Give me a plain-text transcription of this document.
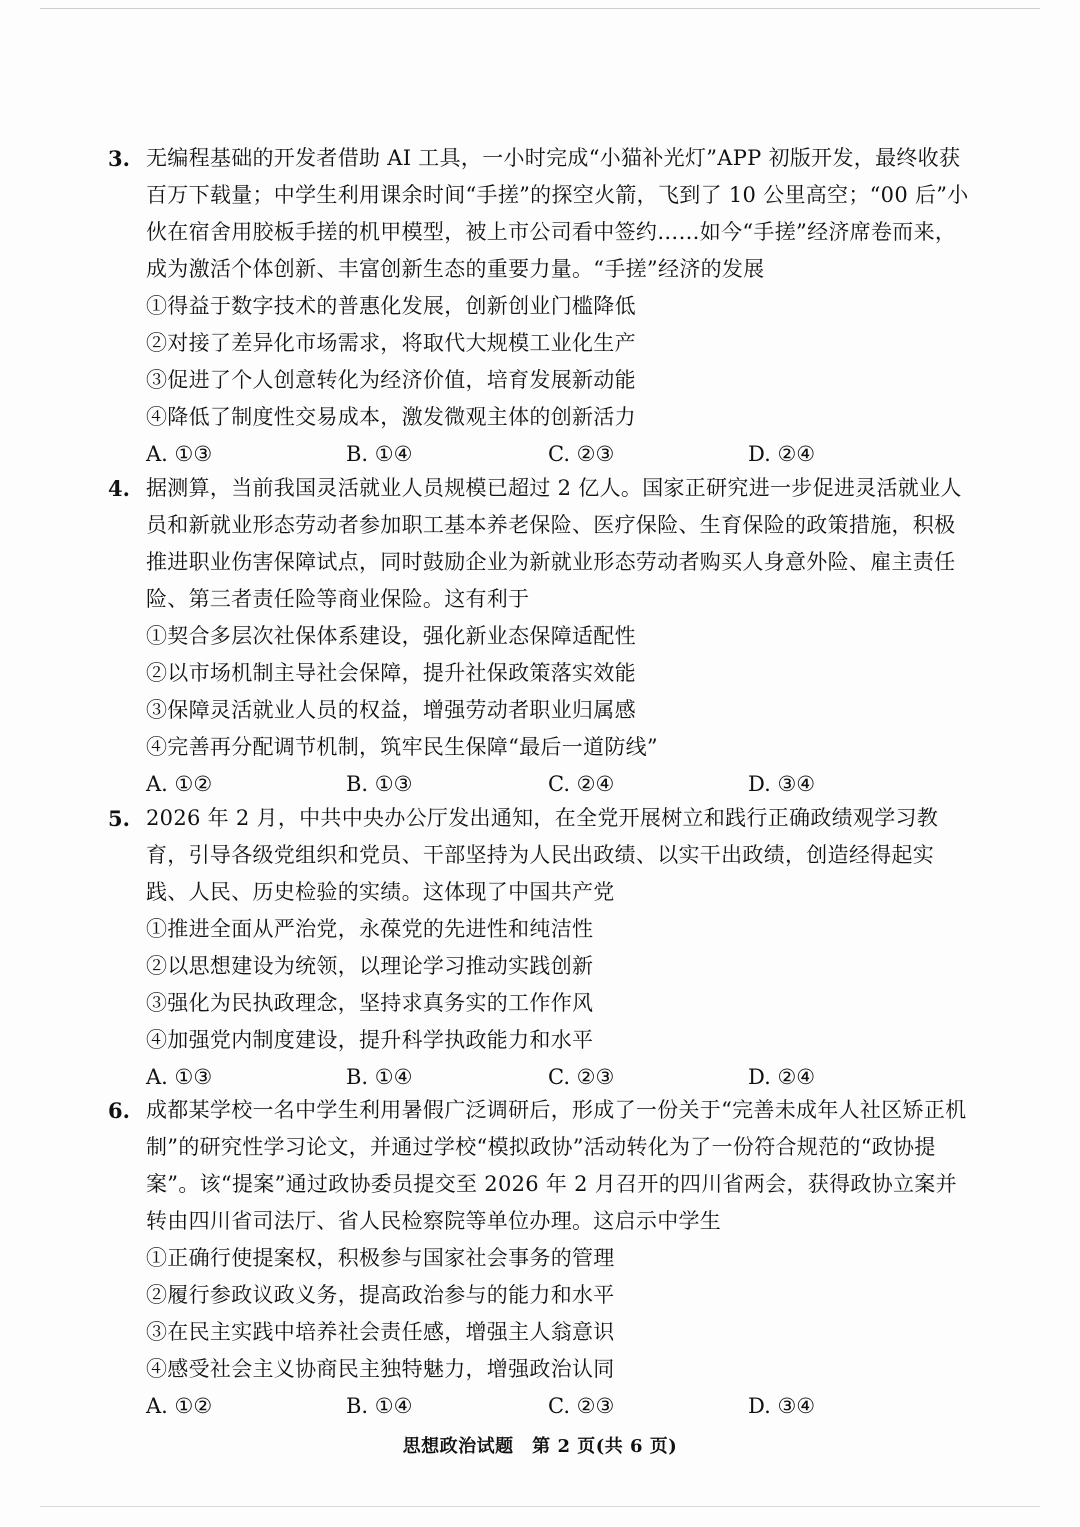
3. 无编程基础的开发者借助 AI 工具，一小时完成“小猫补光灯”APP 初版开发，最终收获百万下载量；中学生利用课余时间“手搓”的探空火箭，飞到了 10 公里高空；“00 后”小伙在宿舍用胶板手搓的机甲模型，被上市公司看中签约……如今“手搓”经济席卷而来，成为激活个体创新、丰富创新生态的重要力量。“手搓”经济的发展
①得益于数字技术的普惠化发展，创新创业门槛降低
②对接了差异化市场需求，将取代大规模工业化生产
③促进了个人创意转化为经济价值，培育发展新动能
④降低了制度性交易成本，激发微观主体的创新活力
A. ①③	B. ①④	C. ②③	D. ②④
4. 据测算，当前我国灵活就业人员规模已超过 2 亿人。国家正研究进一步促进灵活就业人员和新就业形态劳动者参加职工基本养老保险、医疗保险、生育保险的政策措施，积极推进职业伤害保障试点，同时鼓励企业为新就业形态劳动者购买人身意外险、雇主责任险、第三者责任险等商业保险。这有利于
①契合多层次社保体系建设，强化新业态保障适配性
②以市场机制主导社会保障，提升社保政策落实效能
③保障灵活就业人员的权益，增强劳动者职业归属感
④完善再分配调节机制，筑牢民生保障“最后一道防线”
A. ①②	B. ①③	C. ②④	D. ③④
5. 2026 年 2 月，中共中央办公厅发出通知，在全党开展树立和践行正确政绩观学习教育，引导各级党组织和党员、干部坚持为人民出政绩、以实干出政绩，创造经得起实践、人民、历史检验的实绩。这体现了中国共产党
①推进全面从严治党，永葆党的先进性和纯洁性
②以思想建设为统领，以理论学习推动实践创新
③强化为民执政理念，坚持求真务实的工作作风
④加强党内制度建设，提升科学执政能力和水平
A. ①③	B. ①④	C. ②③	D. ②④
6. 成都某学校一名中学生利用暑假广泛调研后，形成了一份关于“完善未成年人社区矫正机制”的研究性学习论文，并通过学校“模拟政协”活动转化为了一份符合规范的“政协提案”。该“提案”通过政协委员提交至 2026 年 2 月召开的四川省两会，获得政协立案并转由四川省司法厅、省人民检察院等单位办理。这启示中学生
①正确行使提案权，积极参与国家社会事务的管理
②履行参政议政义务，提高政治参与的能力和水平
③在民主实践中培养社会责任感，增强主人翁意识
④感受社会主义协商民主独特魅力，增强政治认同
A. ①②	B. ①④	C. ②③	D. ③④
思想政治试题　第 2 页(共 6 页)
